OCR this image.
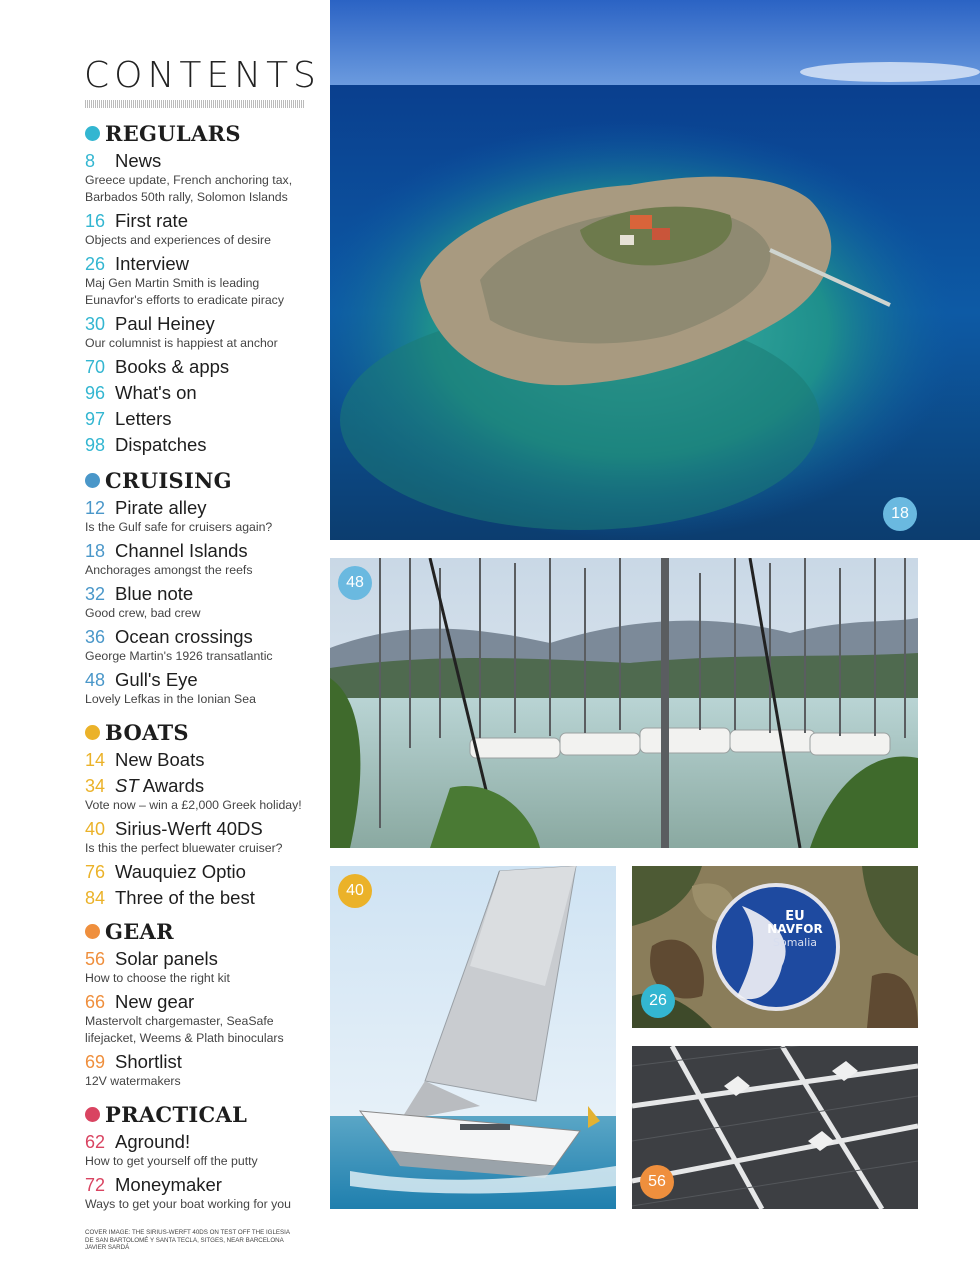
CONTENTS
REGULARS
8	News
Greece update, French anchoring tax,
Barbados 50th rally, Solomon Islands
16 First rate
Objects and experiences of desire
26 Interview
Maj Gen Martin Smith is leading
Eunavfor's efforts to eradicate piracy
30 Paul Heiney
Our columnist is happiest at anchor
70 Books & apps
96 What's on
97 Letters
98 Dispatches
CRUISING
12 Pirate alley
Is the Gulf safe for cruisers again?
18 Channel Islands
Anchorages amongst the reefs
32 Blue note
Good crew, bad crew
36 Ocean crossings
George Martin's 1926 transatlantic
48 Gull's Eye
Lovely Lefkas in the Ionian Sea
BOATS
14 New Boats
34 ST Awards
Vote now – win a £2,000 Greek holiday!
40 Sirius-Werft 40DS
Is this the perfect bluewater cruiser?
76 Wauquiez Optio
84 Three of the best
GEAR
56 Solar panels
How to choose the right kit
66 New gear
Mastervolt chargemaster, SeaSafe
lifejacket, Weems & Plath binoculars
69 Shortlist
12V watermakers
PRACTICAL
62 Aground!
How to get yourself off the putty
72 Moneymaker
Ways to get your boat working for you
COVER IMAGE: THE SIRIUS-WERFT 40DS ON TEST OFF THE IGLESIA
DE SAN BARTOLOMÉ Y SANTA TECLA, SITGES, NEAR BARCELONA
JAVIER SARDÁ
18
48
40
EU
NAVFOR
Somalia
26
56
